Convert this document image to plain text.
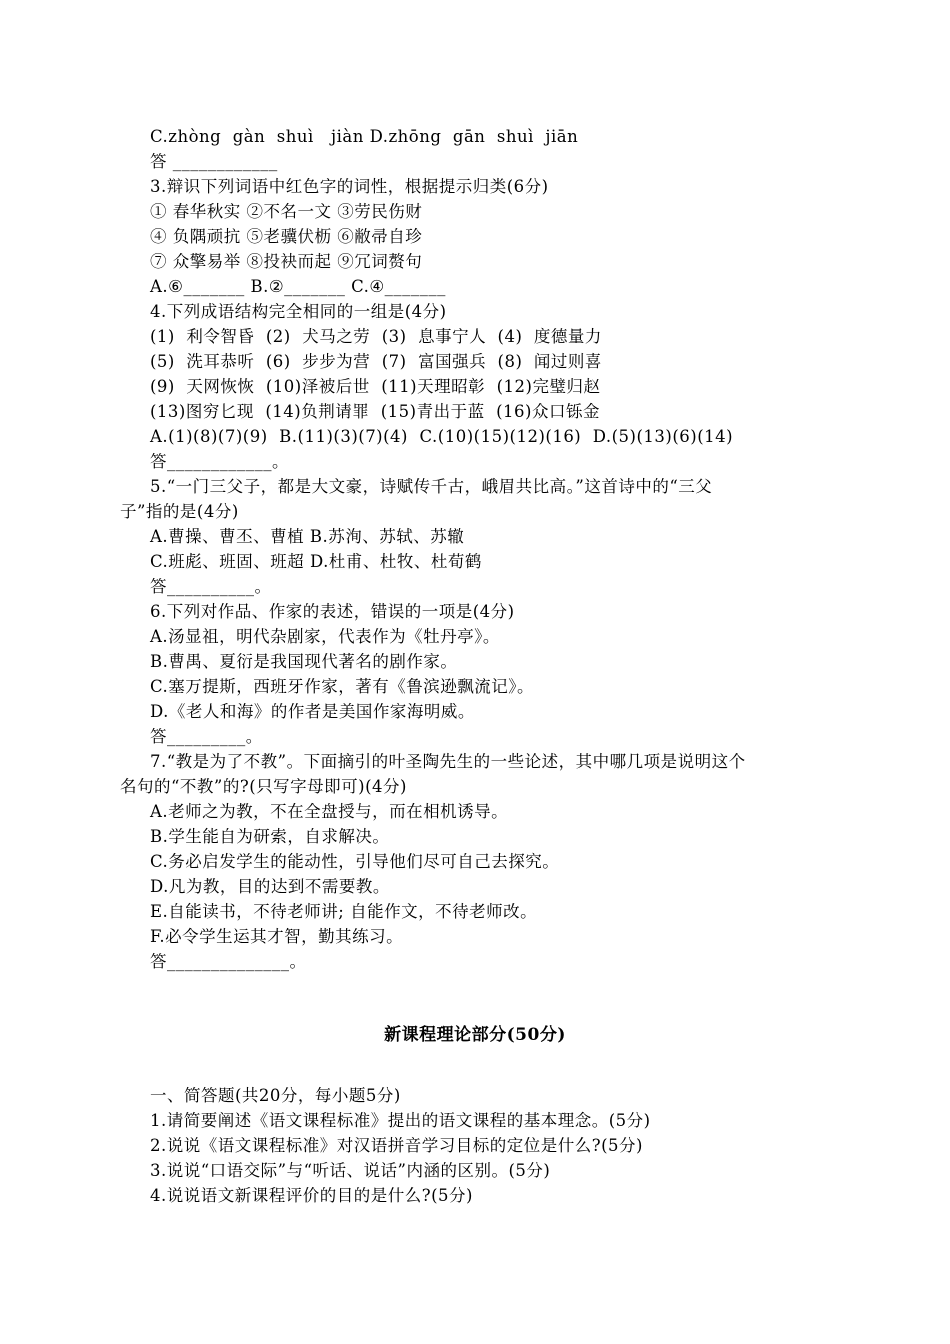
C.zhòng  gàn  shuì   jiàn D.zhōng  gān  shuì  jiān
答 ____________
3.辩识下列词语中红色字的词性，根据提示归类(6分)
① 春华秋实 ②不名一文 ③劳民伤财
④ 负隅顽抗 ⑤老骥伏枥 ⑥敝帚自珍
⑦ 众擎易举 ⑧投袂而起 ⑨冗词赘句
A.⑥_______ B.②_______ C.④_______
4.下列成语结构完全相同的一组是(4分)
(1)  利令智昏  (2)  犬马之劳  (3)  息事宁人  (4)  度德量力
(5)  洗耳恭听  (6)  步步为营  (7)  富国强兵  (8)  闻过则喜
(9)  天网恢恢  (10)泽被后世  (11)天理昭彰  (12)完璧归赵
(13)图穷匕现  (14)负荆请罪  (15)青出于蓝  (16)众口铄金
A.(1)(8)(7)(9)  B.(11)(3)(7)(4)  C.(10)(15)(12)(16)  D.(5)(13)(6)(14)
答____________。
5.“一门三父子，都是大文豪，诗赋传千古，峨眉共比高。”这首诗中的“三父
子”指的是(4分)
A.曹操、曹丕、曹植 B.苏洵、苏轼、苏辙
C.班彪、班固、班超 D.杜甫、杜牧、杜荀鹤
答__________。
6.下列对作品、作家的表述，错误的一项是(4分)
A.汤显祖，明代杂剧家，代表作为《牡丹亭》。
B.曹禺、夏衍是我国现代著名的剧作家。
C.塞万提斯，西班牙作家，著有《鲁滨逊飘流记》。
D.《老人和海》的作者是美国作家海明威。
答_________。
7.“教是为了不教”。下面摘引的叶圣陶先生的一些论述，其中哪几项是说明这个
名句的“不教”的?(只写字母即可)(4分)
A.老师之为教，不在全盘授与，而在相机诱导。
B.学生能自为研索，自求解决。
C.务必启发学生的能动性，引导他们尽可自己去探究。
D.凡为教，目的达到不需要教。
E.自能读书，不待老师讲; 自能作文，不待老师改。
F.必令学生运其才智，勤其练习。
答______________。
新课程理论部分(50分)
一、简答题(共20分，每小题5分)
1.请简要阐述《语文课程标准》提出的语文课程的基本理念。(5分)
2.说说《语文课程标准》对汉语拼音学习目标的定位是什么?(5分)
3.说说“口语交际”与“听话、说话”内涵的区别。(5分)
4.说说语文新课程评价的目的是什么?(5分)
